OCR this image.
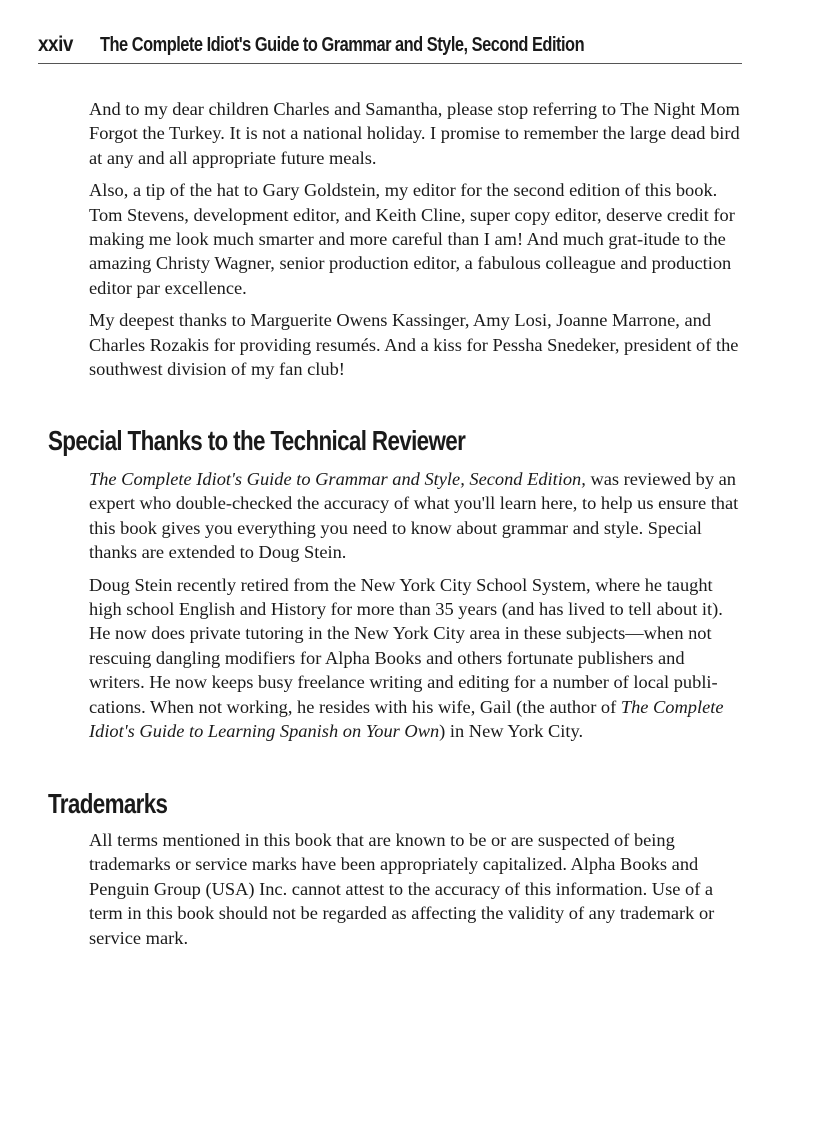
xxiv The Complete Idiot's Guide to Grammar and Style, Second Edition

And to my dear children Charles and Samantha, please stop referring to The Night Mom Forgot the Turkey. It is not a national holiday. I promise to remember the large dead bird at any and all appropriate future meals.

Also, a tip of the hat to Gary Goldstein, my editor for the second edition of this book. Tom Stevens, development editor, and Keith Cline, super copy editor, deserve credit for making me look much smarter and more careful than I am! And much grat-itude to the amazing Christy Wagner, senior production editor, a fabulous colleague and production editor par excellence.

My deepest thanks to Marguerite Owens Kassinger, Amy Losi, Joanne Marrone, and Charles Rozakis for providing resumés. And a kiss for Pessha Snedeker, president of the southwest division of my fan club!

Special Thanks to the Technical Reviewer

The Complete Idiot's Guide to Grammar and Style, Second Edition, was reviewed by an expert who double-checked the accuracy of what you'll learn here, to help us ensure that this book gives you everything you need to know about grammar and style. Special thanks are extended to Doug Stein.

Doug Stein recently retired from the New York City School System, where he taught high school English and History for more than 35 years (and has lived to tell about it). He now does private tutoring in the New York City area in these subjects—when not rescuing dangling modifiers for Alpha Books and others fortunate publishers and writers. He now keeps busy freelance writing and editing for a number of local publi-cations. When not working, he resides with his wife, Gail (the author of The Complete Idiot's Guide to Learning Spanish on Your Own) in New York City.

Trademarks

All terms mentioned in this book that are known to be or are suspected of being trademarks or service marks have been appropriately capitalized. Alpha Books and Penguin Group (USA) Inc. cannot attest to the accuracy of this information. Use of a term in this book should not be regarded as affecting the validity of any trademark or service mark.
